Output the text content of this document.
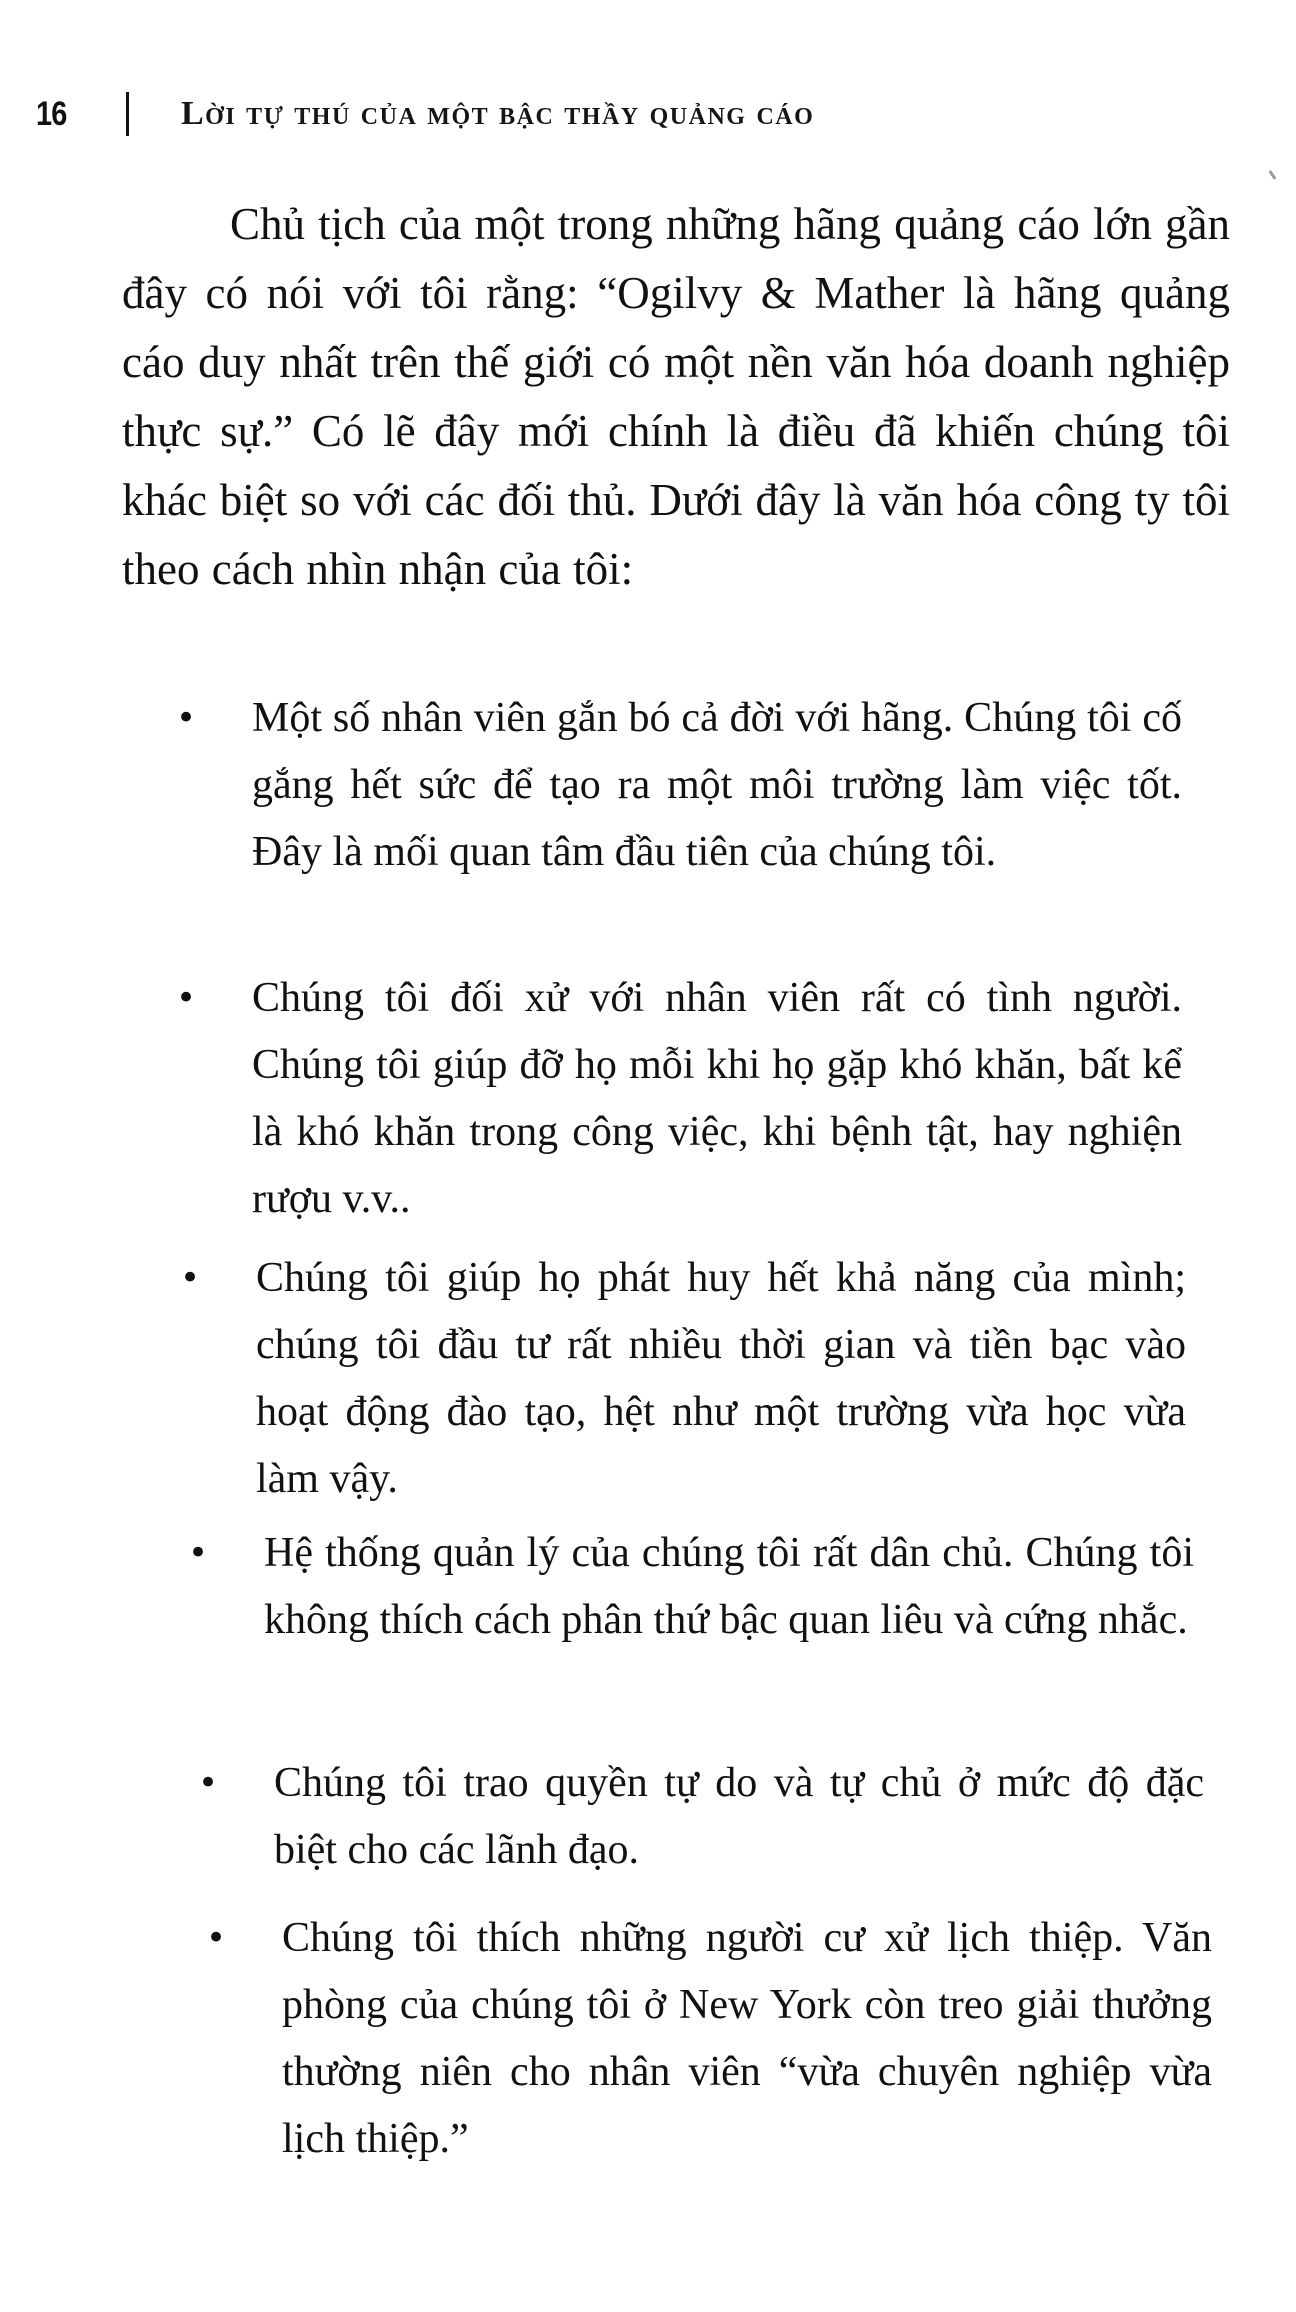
16	Lời tự thú của một bậc thầy quảng cáo

Chủ tịch của một trong những hãng quảng cáo lớn gần đây có nói với tôi rằng: “Ogilvy & Mather là hãng quảng cáo duy nhất trên thế giới có một nền văn hóa doanh nghiệp thực sự.” Có lẽ đây mới chính là điều đã khiến chúng tôi khác biệt so với các đối thủ. Dưới đây là văn hóa công ty tôi theo cách nhìn nhận của tôi:

• Một số nhân viên gắn bó cả đời với hãng. Chúng tôi cố gắng hết sức để tạo ra một môi trường làm việc tốt. Đây là mối quan tâm đầu tiên của chúng tôi.
• Chúng tôi đối xử với nhân viên rất có tình người. Chúng tôi giúp đỡ họ mỗi khi họ gặp khó khăn, bất kể là khó khăn trong công việc, khi bệnh tật, hay nghiện rượu v.v..
• Chúng tôi giúp họ phát huy hết khả năng của mình; chúng tôi đầu tư rất nhiều thời gian và tiền bạc vào hoạt động đào tạo, hệt như một trường vừa học vừa làm vậy.
• Hệ thống quản lý của chúng tôi rất dân chủ. Chúng tôi không thích cách phân thứ bậc quan liêu và cứng nhắc.
• Chúng tôi trao quyền tự do và tự chủ ở mức độ đặc biệt cho các lãnh đạo.
• Chúng tôi thích những người cư xử lịch thiệp. Văn phòng của chúng tôi ở New York còn treo giải thưởng thường niên cho nhân viên “vừa chuyên nghiệp vừa lịch thiệp.”
